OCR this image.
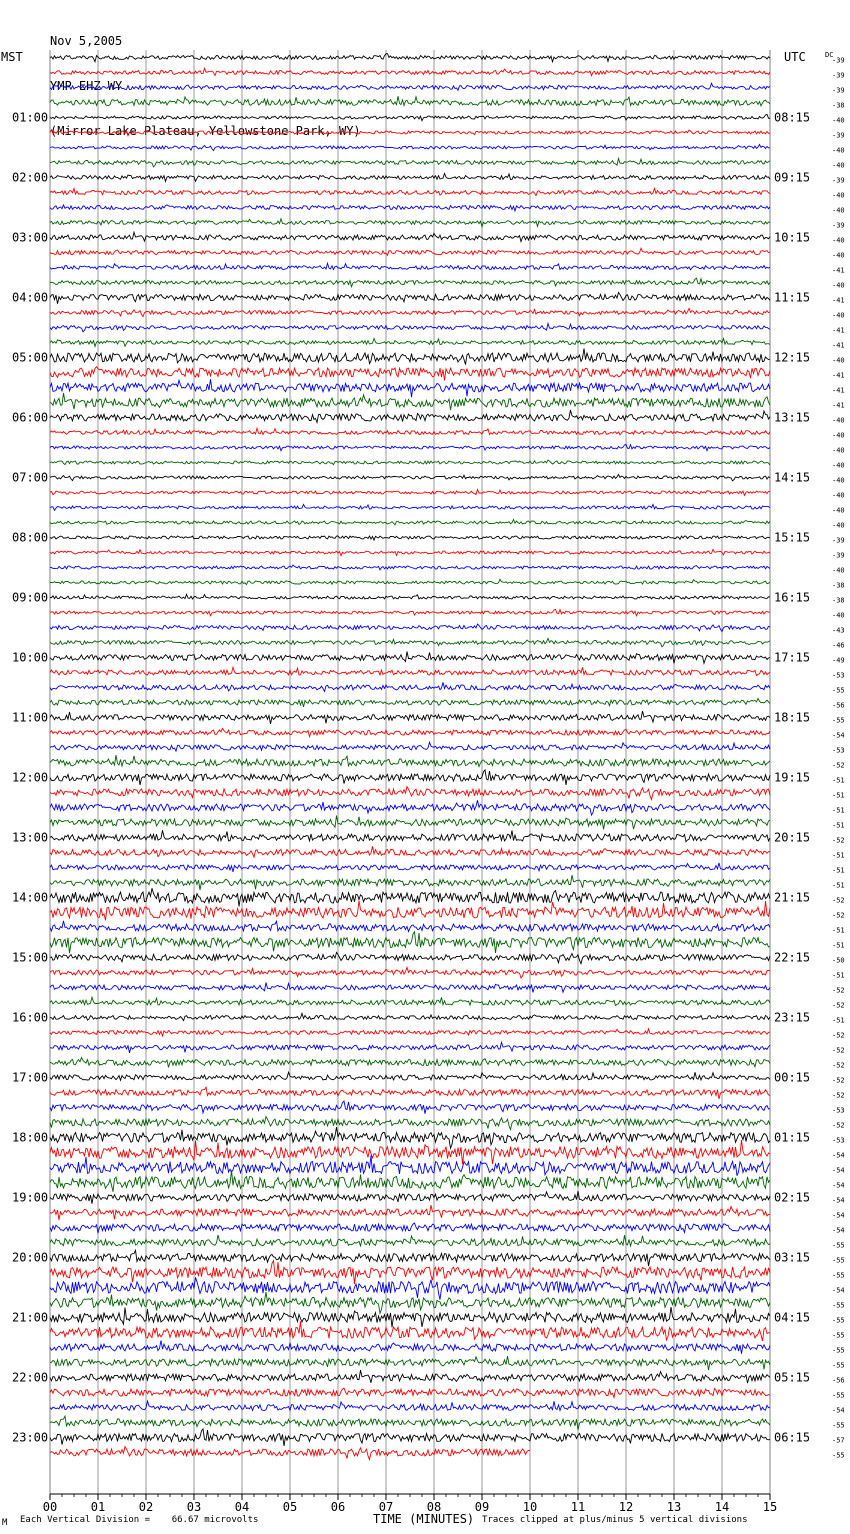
Nov 5,2005

YMP EHZ WY

(Mirror Lake Plateau, Yellowstone Park, WY)

MST	UTC	DC
TIME (MINUTES)
-39
-39
-39
-38
-40
-39
-40
-40
-39
-40
-40
-39
-40
-40
-41
-40
-41
-40
-41
-41
-40
-41
-41
-41
-40
-40
-40
-40
-40
-40
-40
-40
-39
-39
-40
-38
-38
-40
-43
-46
-49
-53
-55
-56
-55
-54
-53
-52
-51
-51
-51
-51
-52
-51
-51
-51
-52
-52
-51
-51
-50
-51
-52
-52
-51
-52
-52
-52
-52
-52
-53
-52
-53
-54
-54
-54
-54
-54
-54
-55
-55
-55
-54
-55
-55
-55
-55
-55
-56
-55
-54
-55
-57
-55
01:00
02:00
03:00
04:00
05:00
06:00
07:00
08:00
09:00
10:00
11:00
12:00
13:00
14:00
15:00
16:00
17:00
18:00
19:00
20:00
21:00
22:00
23:00
08:15
09:15
10:15
11:15
12:15
13:15
14:15
15:15
16:15
17:15
18:15
19:15
20:15
21:15
22:15
23:15
00:15
01:15
02:15
03:15
04:15
05:15
06:15
00	01	02	03	04	05	06	07	08	09	10	11	12	13	14	15
M Each Vertical Division =    66.67 microvolts	Traces clipped at plus/minus 5 vertical divisions
